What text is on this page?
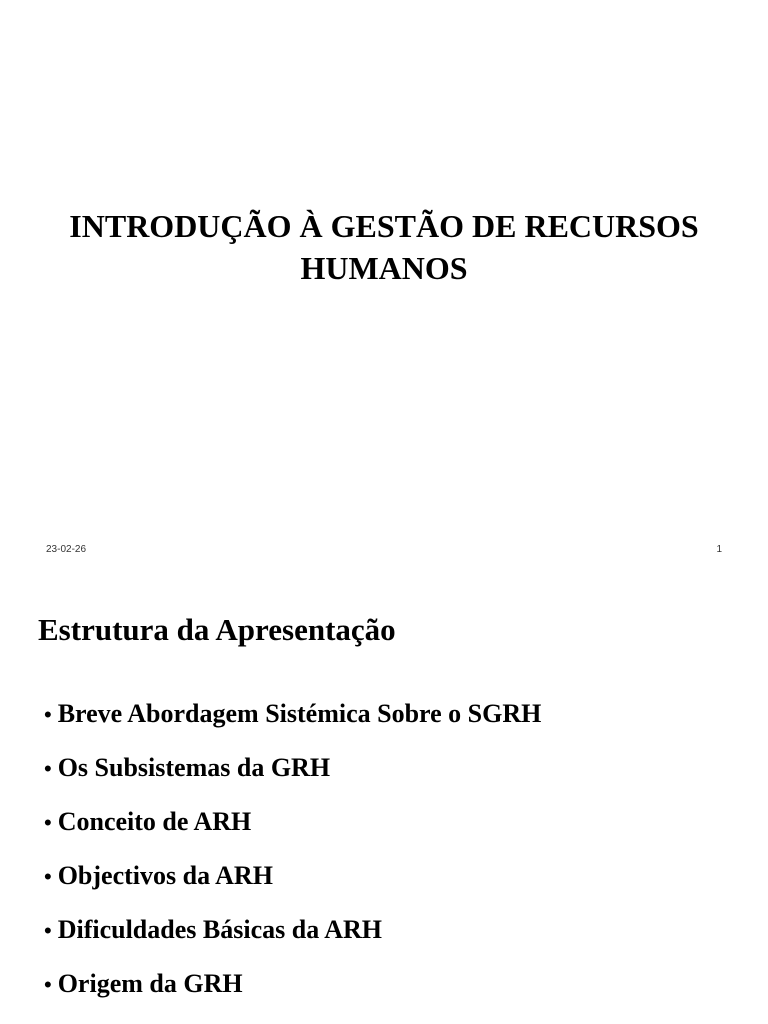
INTRODUÇÃO À GESTÃO DE RECURSOS
HUMANOS
23-02-26	1
Estrutura da Apresentação
• Breve Abordagem Sistémica Sobre o SGRH
• Os Subsistemas da GRH
• Conceito de ARH
• Objectivos da ARH
• Dificuldades Básicas da ARH
• Origem da GRH
